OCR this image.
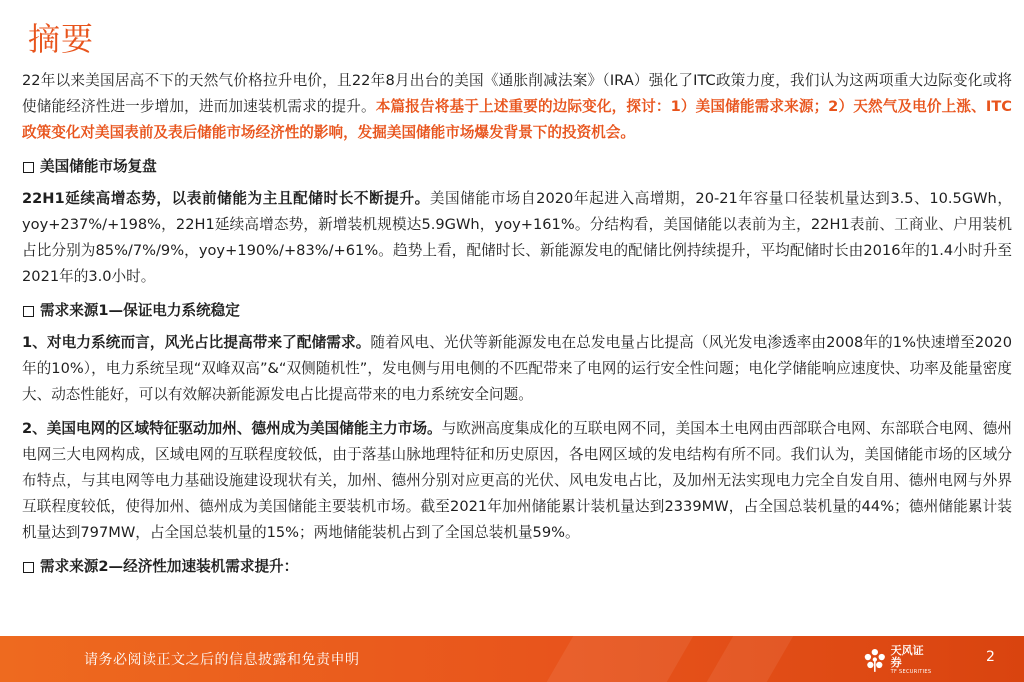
摘要

22年以来美国居高不下的天然气价格拉升电价，且22年8月出台的美国《通胀削减法案》（IRA）强化了ITC政策力度，我们认为这两项重大边际变化或将使储能经济性进一步增加，进而加速装机需求的提升。本篇报告将基于上述重要的边际变化，探讨：1）美国储能需求来源；2）天然气及电价上涨、ITC政策变化对美国表前及表后储能市场经济性的影响，发掘美国储能市场爆发背景下的投资机会。

美国储能市场复盘

22H1延续高增态势，以表前储能为主且配储时长不断提升。美国储能市场自2020年起进入高增期，20-21年容量口径装机量达到3.5、10.5GWh，yoy+237%/+198%，22H1延续高增态势，新增装机规模达5.9GWh，yoy+161%。分结构看，美国储能以表前为主，22H1表前、工商业、户用装机占比分别为85%/7%/9%，yoy+190%/+83%/+61%。趋势上看，配储时长、新能源发电的配储比例持续提升，平均配储时长由2016年的1.4小时升至2021年的3.0小时。

需求来源1—保证电力系统稳定

1、对电力系统而言，风光占比提高带来了配储需求。随着风电、光伏等新能源发电在总发电量占比提高（风光发电渗透率由2008年的1%快速增至2020年的10%），电力系统呈现“双峰双高”&“双侧随机性”，发电侧与用电侧的不匹配带来了电网的运行安全性问题；电化学储能响应速度快、功率及能量密度大、动态性能好，可以有效解决新能源发电占比提高带来的电力系统安全问题。

2、美国电网的区域特征驱动加州、德州成为美国储能主力市场。与欧洲高度集成化的互联电网不同，美国本土电网由西部联合电网、东部联合电网、德州电网三大电网构成，区域电网的互联程度较低，由于落基山脉地理特征和历史原因，各电网区域的发电结构有所不同。我们认为，美国储能市场的区域分布特点，与其电网等电力基础设施建设现状有关，加州、德州分别对应更高的光伏、风电发电占比，及加州无法实现电力完全自发自用、德州电网与外界互联程度较低，使得加州、德州成为美国储能主要装机市场。截至2021年加州储能累计装机量达到2339MW，占全国总装机量的44%；德州储能累计装机量达到797MW，占全国总装机量的15%；两地储能装机占到了全国总装机量59%。

需求来源2—经济性加速装机需求提升：
请务必阅读正文之后的信息披露和免责申明
天风证券
TF SECURITIES
2
